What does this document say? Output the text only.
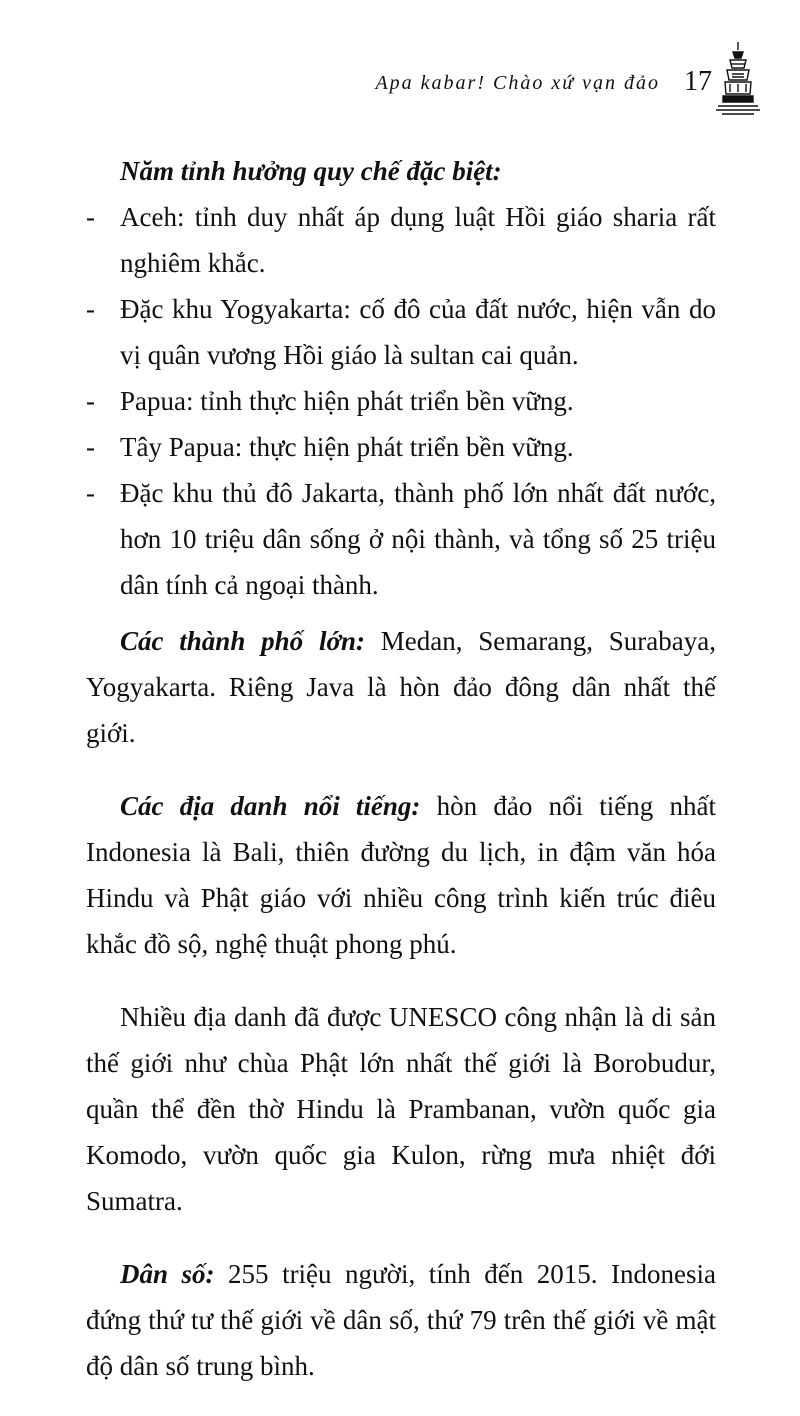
Apa kabar! Chào xứ vạn đảo 17
Năm tỉnh hưởng quy chế đặc biệt:
- Aceh: tỉnh duy nhất áp dụng luật Hồi giáo sharia rất nghiêm khắc.
- Đặc khu Yogyakarta: cố đô của đất nước, hiện vẫn do vị quân vương Hồi giáo là sultan cai quản.
- Papua: tỉnh thực hiện phát triển bền vững.
- Tây Papua: thực hiện phát triển bền vững.
- Đặc khu thủ đô Jakarta, thành phố lớn nhất đất nước, hơn 10 triệu dân sống ở nội thành, và tổng số 25 triệu dân tính cả ngoại thành.

Các thành phố lớn: Medan, Semarang, Surabaya, Yogyakarta. Riêng Java là hòn đảo đông dân nhất thế giới.

Các địa danh nổi tiếng: hòn đảo nổi tiếng nhất Indonesia là Bali, thiên đường du lịch, in đậm văn hóa Hindu và Phật giáo với nhiều công trình kiến trúc điêu khắc đồ sộ, nghệ thuật phong phú.

Nhiều địa danh đã được UNESCO công nhận là di sản thế giới như chùa Phật lớn nhất thế giới là Borobudur, quần thể đền thờ Hindu là Prambanan, vườn quốc gia Komodo, vườn quốc gia Kulon, rừng mưa nhiệt đới Sumatra.

Dân số: 255 triệu người, tính đến 2015. Indonesia đứng thứ tư thế giới về dân số, thứ 79 trên thế giới về mật độ dân số trung bình.
